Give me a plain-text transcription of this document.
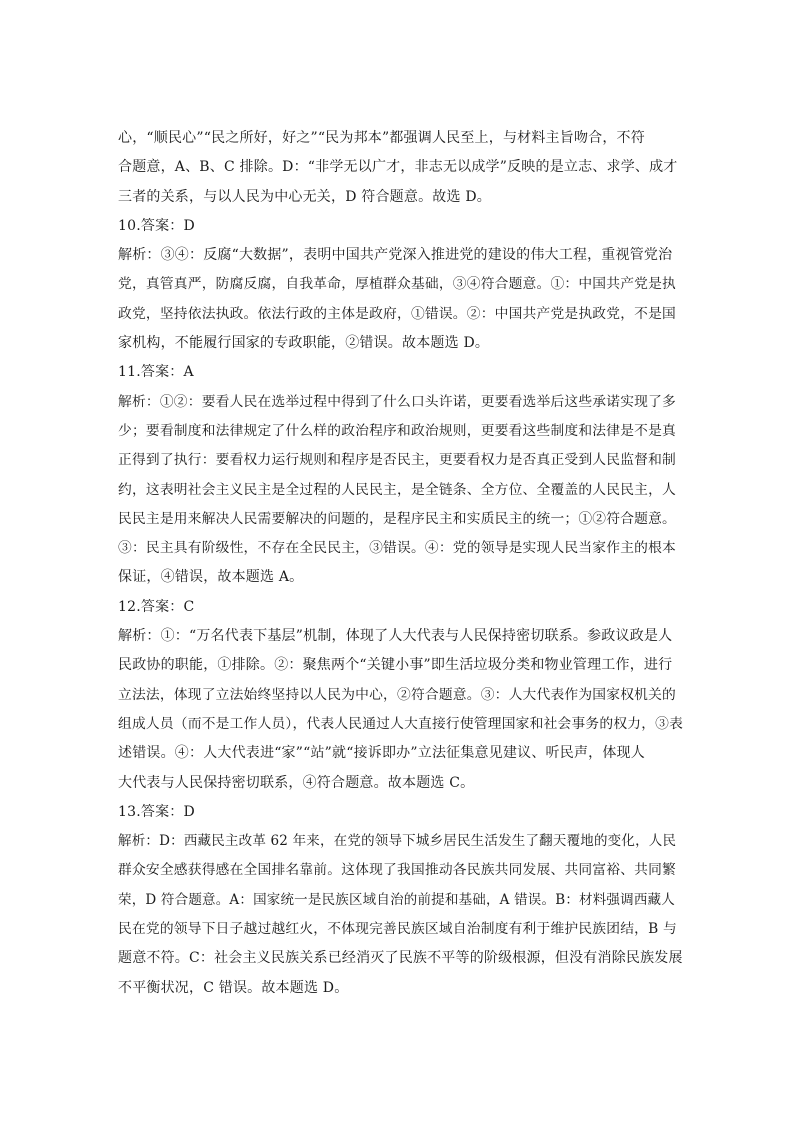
心，“顺民心”“民之所好，好之”“民为邦本”都强调人民至上，与材料主旨吻合，不符
合题意，A、B、C 排除。D：“非学无以广才，非志无以成学”反映的是立志、求学、成才
三者的关系，与以人民为中心无关，D 符合题意。故选 D。
10.答案：D
解析：③④：反腐“大数据”，表明中国共产党深入推进党的建设的伟大工程，重视管党治
党，真管真严，防腐反腐，自我革命，厚植群众基础，③④符合题意。①：中国共产党是执
政党，坚持依法执政。依法行政的主体是政府，①错误。②：中国共产党是执政党，不是国
家机构，不能履行国家的专政职能，②错误。故本题选 D。
11.答案：A
解析：①②：要看人民在选举过程中得到了什么口头许诺，更要看选举后这些承诺实现了多
少；要看制度和法律规定了什么样的政治程序和政治规则，更要看这些制度和法律是不是真
正得到了执行：要看权力运行规则和程序是否民主，更要看权力是否真正受到人民监督和制
约，这表明社会主义民主是全过程的人民民主，是全链条、全方位、全覆盖的人民民主，人
民民主是用来解决人民需要解决的问题的，是程序民主和实质民主的统一；①②符合题意。
③：民主具有阶级性，不存在全民民主，③错误。④：党的领导是实现人民当家作主的根本
保证，④错误，故本题选 A。
12.答案：C
解析：①：“万名代表下基层”机制，体现了人大代表与人民保持密切联系。参政议政是人
民政协的职能，①排除。②：聚焦两个“关键小事”即生活垃圾分类和物业管理工作，进行
立法法，体现了立法始终坚持以人民为中心，②符合题意。③：人大代表作为国家权机关的
组成人员（而不是工作人员），代表人民通过人大直接行使管理国家和社会事务的权力，③表
述错误。④：人大代表进“家”“站”就“接诉即办”立法征集意见建议、听民声，体现人
大代表与人民保持密切联系，④符合题意。故本题选 C。
13.答案：D
解析：D：西藏民主改革 62 年来，在党的领导下城乡居民生活发生了翻天覆地的变化，人民
群众安全感获得感在全国排名靠前。这体现了我国推动各民族共同发展、共同富裕、共同繁
荣，D 符合题意。A：国家统一是民族区域自治的前提和基础，A 错误。B：材料强调西藏人
民在党的领导下日子越过越红火，不体现完善民族区域自治制度有利于维护民族团结，B 与
题意不符。C：社会主义民族关系已经消灭了民族不平等的阶级根源，但没有消除民族发展
不平衡状况，C 错误。故本题选 D。
